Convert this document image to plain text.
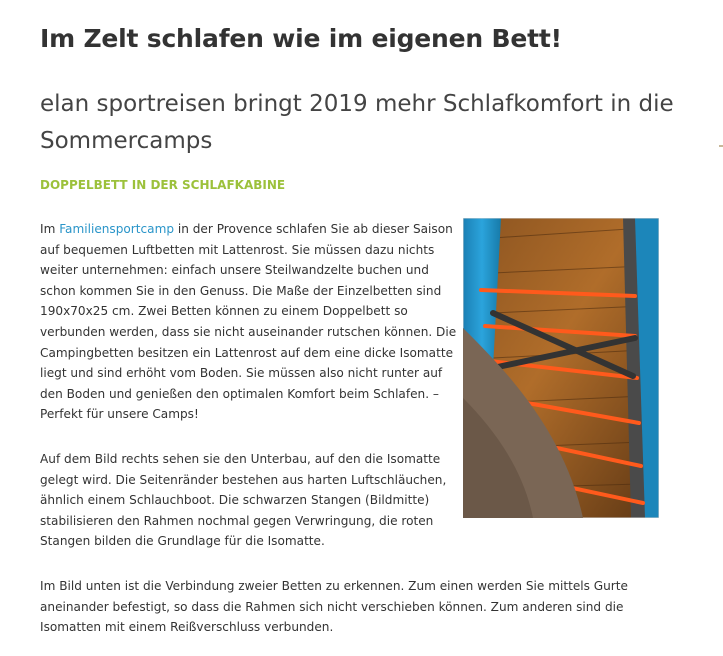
Im Zelt schlafen wie im eigenen Bett!
elan sportreisen bringt 2019 mehr Schlafkomfort in die Sommercamps
DOPPELBETT IN DER SCHLAFKABINE

Im Familiensportcamp in der Provence schlafen Sie ab dieser Saison auf bequemen Luftbetten mit Lattenrost. Sie müssen dazu nichts weiter unternehmen: einfach unsere Steilwandzelte buchen und schon kommen Sie in den Genuss. Die Maße der Einzelbetten sind 190x70x25 cm. Zwei Betten können zu einem Doppelbett so verbunden werden, dass sie nicht auseinander rutschen können. Die Campingbetten besitzen ein Lattenrost auf dem eine dicke Isomatte liegt und sind erhöht vom Boden. Sie müssen also nicht runter auf den Boden und genießen den optimalen Komfort beim Schlafen. – Perfekt für unsere Camps!

Auf dem Bild rechts sehen sie den Unterbau, auf den die Isomatte gelegt wird. Die Seitenränder bestehen aus harten Luftschläuchen, ähnlich einem Schlauchboot. Die schwarzen Stangen (Bildmitte) stabilisieren den Rahmen nochmal gegen Verwringung, die roten Stangen bilden die Grundlage für die Isomatte.

Im Bild unten ist die Verbindung zweier Betten zu erkennen. Zum einen werden Sie mittels Gurte aneinander befestigt, so dass die Rahmen sich nicht verschieben können. Zum anderen sind die Isomatten mit einem Reißverschluss verbunden.
